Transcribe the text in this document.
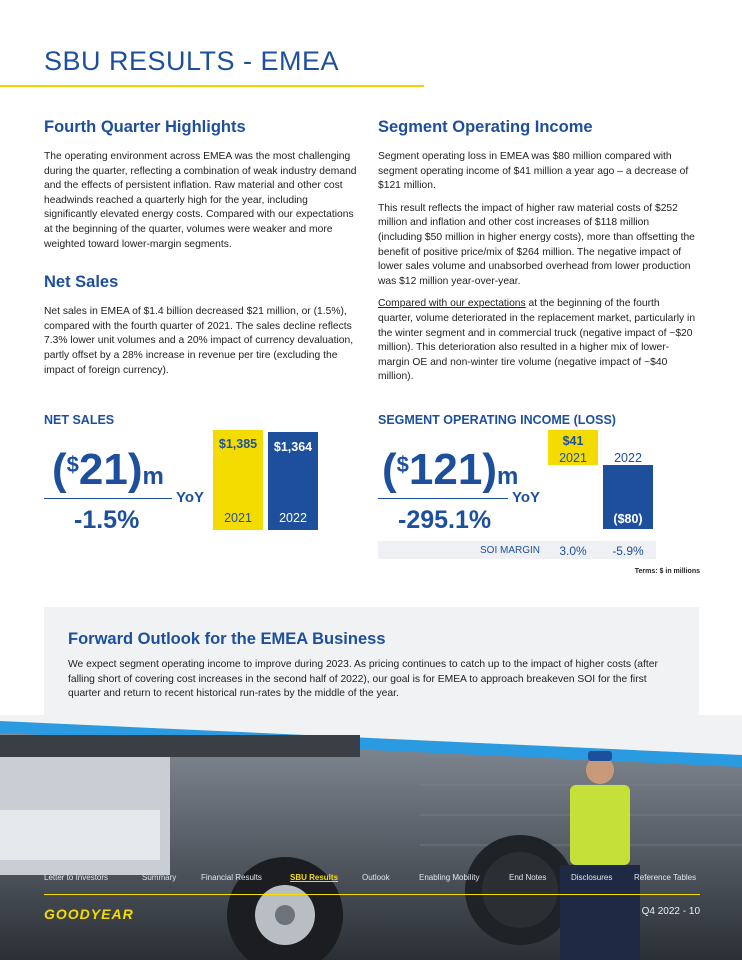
SBU RESULTS - EMEA
Fourth Quarter Highlights

The operating environment across EMEA was the most challenging during the quarter, reflecting a combination of weak industry demand and the effects of persistent inflation. Raw material and other cost headwinds reached a quarterly high for the year, including significantly elevated energy costs. Compared with our expectations at the beginning of the quarter, volumes were weaker and more weighted toward lower-margin segments.

Net Sales

Net sales in EMEA of $1.4 billion decreased $21 million, or (1.5%), compared with the fourth quarter of 2021. The sales decline reflects 7.3% lower unit volumes and a 20% impact of currency devaluation, partly offset by a 28% increase in revenue per tire (excluding the impact of foreign currency).

Segment Operating Income

Segment operating loss in EMEA was $80 million compared with segment operating income of $41 million a year ago – a decrease of $121 million.

This result reflects the impact of higher raw material costs of $252 million and inflation and other cost increases of $118 million (including $50 million in higher energy costs), more than offsetting the benefit of positive price/mix of $264 million. The negative impact of lower sales volume and unabsorbed overhead from lower production was $12 million year-over-year.

Compared with our expectations at the beginning of the fourth quarter, volume deteriorated in the replacement market, particularly in the winter segment and in commercial truck (negative impact of ~$20 million). This deterioration also resulted in a higher mix of lower-margin OE and non-winter tire volume (negative impact of ~$40 million).

NET SALES
($21)m
YoY
-1.5%
$1,385	$1,364
2021	2022
SEGMENT OPERATING INCOME (LOSS)
($121)m
YoY
-295.1%
$41
2021	2022
($80)
SOI MARGIN	3.0%	-5.9%
Terms: $ in millions
Forward Outlook for the EMEA Business

We expect segment operating income to improve during 2023. As pricing continues to catch up to the impact of higher costs (after falling short of covering cost increases in the second half of 2022), our goal is for EMEA to approach breakeven SOI for the first quarter and return to recent historical run-rates by the middle of the year.

Letter to Investors	Summary	Financial Results	SBU Results	Outlook	Enabling Mobility	End Notes	Disclosures	Reference Tables
GOODYEAR	Q4 2022 - 10
